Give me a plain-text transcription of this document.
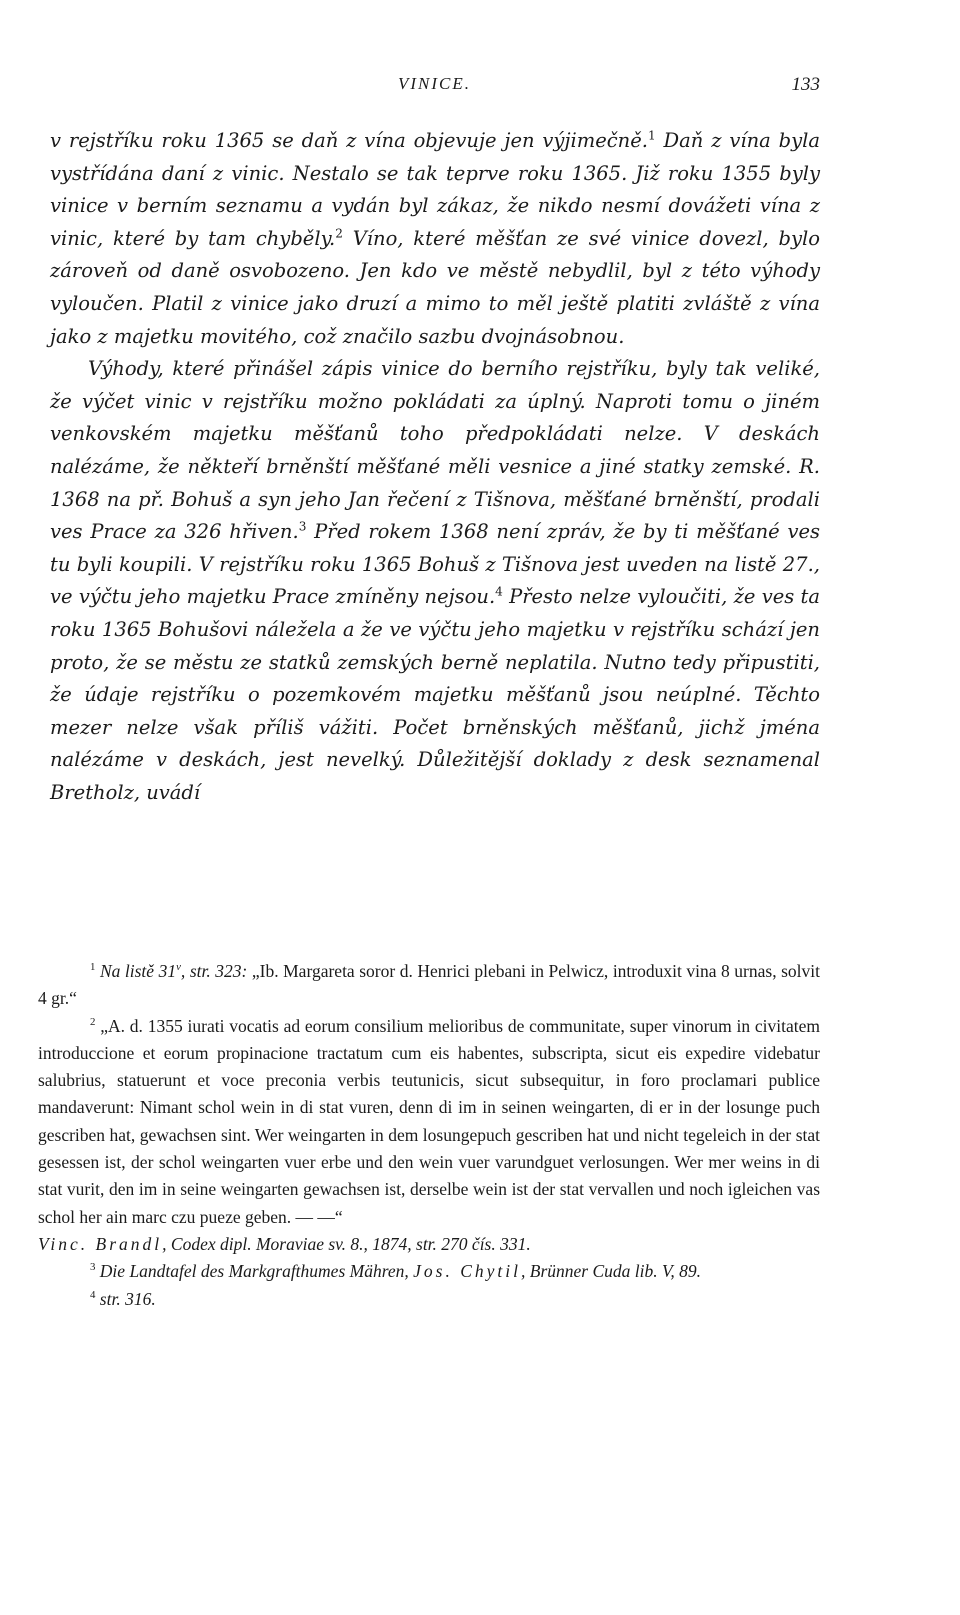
VINICE.	133

v rejstříku roku 1365 se daň z vína objevuje jen výjimečně.$^1$ Daň z vína byla vystřídána daní z vinic. Nestalo se tak teprve roku 1365. Již roku 1355 byly vinice v berním seznamu a vydán byl zákaz, že nikdo nesmí dovážeti vína z vinic, které by tam chyběly.$^2$ Víno, které měšťan ze své vinice dovezl, bylo zároveň od daně osvobozeno. Jen kdo ve městě nebydlil, byl z této výhody vyloučen. Platil z vinice jako druzí a mimo to měl ještě platiti zvláště z vína jako z majetku movitého, což značilo sazbu dvojnásobnou.

Výhody, které přinášel zápis vinice do berního rejstříku, byly tak veliké, že výčet vinic v rejstříku možno pokládati za úplný. Naproti tomu o jiném venkovském majetku měšťanů toho předpokládati nelze. V deskách nalézáme, že někteří brněnští měšťané měli vesnice a jiné statky zemské. R. 1368 na př. Bohuš a syn jeho Jan řečení z Tišnova, měšťané brněnští, prodali ves Prace za 326 hřiven.$^3$ Před rokem 1368 není zpráv, že by ti měšťané ves tu byli koupili. V rejstříku roku 1365 Bohuš z Tišnova jest uveden na listě 27., ve výčtu jeho majetku Prace zmíněny nejsou.$^4$ Přesto nelze vyloučiti, že ves ta roku 1365 Bohušovi náležela a že ve výčtu jeho majetku v rejstříku schází jen proto, že se městu ze statků zemských berně neplatila. Nutno tedy připustiti, že údaje rejstříku o pozemkovém majetku měšťanů jsou neúplné. Těchto mezer nelze však příliš vážiti. Počet brněnských měšťanů, jichž jména nalézáme v deskách, jest nevelký. Důležitější doklady z desk seznamenal Bretholz, uvádí

$^1$ Na listě 31$^v$, str. 323: „Ib. Margareta soror d. Henrici plebani in Pelwicz, introduxit vina 8 urnas, solvit 4 gr.“

$^2$ „A. d. 1355 iurati vocatis ad eorum consilium melioribus de communitate, super vinorum in civitatem introduccione et eorum propinacione tractatum cum eis habentes, subscripta, sicut eis expedire videbatur salubrius, statuerunt et voce preconia verbis teutunicis, sicut subsequitur, in foro proclamari publice mandaverunt: Nimant schol wein in di stat vuren, denn di im in seinen weingarten, di er in der losunge puch gescriben hat, gewachsen sint. Wer weingarten in dem losungepuch gescriben hat und nicht tegeleich in der stat gesessen ist, der schol weingarten vuer erbe und den wein vuer varundguet verlosungen. Wer mer weins in di stat vurit, den im in seine weingarten gewachsen ist, derselbe wein ist der stat vervallen und noch igleichen vas schol her ain marc czu pueze geben. — —“
Vinc. Brandl, Codex dipl. Moraviae sv. 8., 1874, str. 270 čís. 331.

$^3$ Die Landtafel des Markgrafthumes Mähren, Jos. Chytil, Brünner Cuda lib. V, 89.

$^4$ str. 316.
